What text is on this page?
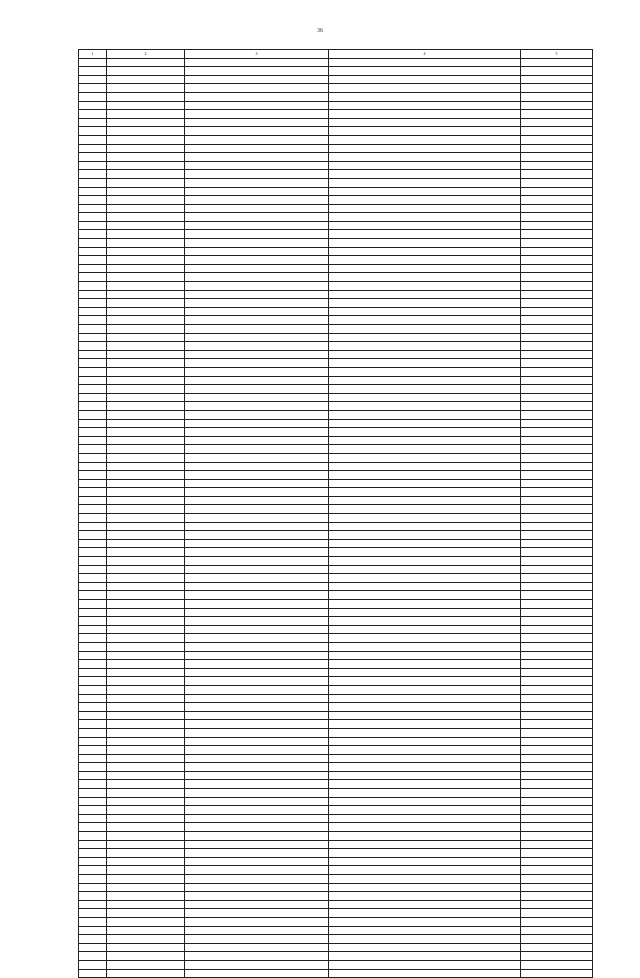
36
1	2	3	4	5
